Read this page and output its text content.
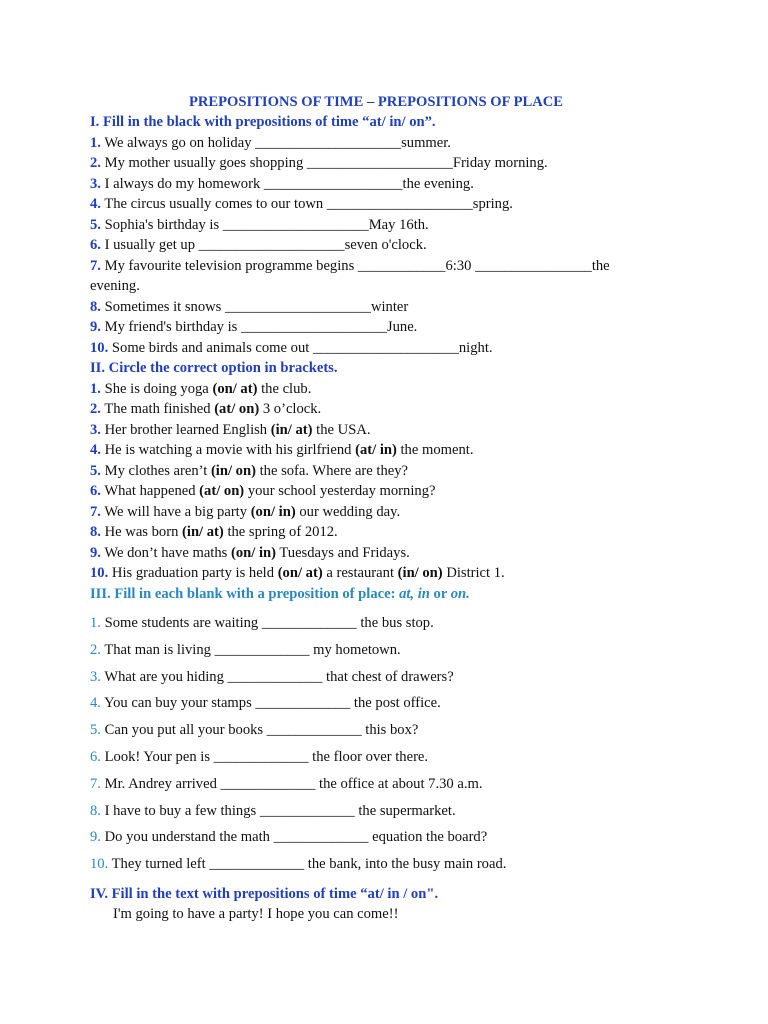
PREPOSITIONS OF TIME – PREPOSITIONS OF PLACE
I. Fill in the black with prepositions of time “at/ in/ on”.
1. We always go on holiday ____________________summer.
2. My mother usually goes shopping ____________________Friday morning.
3. I always do my homework ___________________the evening.
4. The circus usually comes to our town ____________________spring.
5. Sophia's birthday is ____________________May 16th.
6. I usually get up ____________________seven o'clock.
7. My favourite television programme begins ____________6:30 ________________the evening.
8. Sometimes it snows ____________________winter
9. My friend's birthday is ____________________June.
10. Some birds and animals come out ____________________night.
II. Circle the correct option in brackets.
1. She is doing yoga (on/ at) the club.
2. The math finished (at/ on) 3 o’clock.
3. Her brother learned English (in/ at) the USA.
4. He is watching a movie with his girlfriend (at/ in) the moment.
5. My clothes aren’t (in/ on) the sofa. Where are they?
6. What happened (at/ on) your school yesterday morning?
7. We will have a big party (on/ in) our wedding day.
8. He was born (in/ at) the spring of 2012.
9. We don’t have maths (on/ in) Tuesdays and Fridays.
10. His graduation party is held (on/ at) a restaurant (in/ on) District 1.
III. Fill in each blank with a preposition of place: at, in or on.
1. Some students are waiting _____________ the bus stop.
2. That man is living _____________ my hometown.
3. What are you hiding _____________ that chest of drawers?
4. You can buy your stamps _____________ the post office.
5. Can you put all your books _____________ this box?
6. Look! Your pen is _____________ the floor over there.
7. Mr. Andrey arrived _____________ the office at about 7.30 a.m.
8. I have to buy a few things _____________ the supermarket.
9. Do you understand the math _____________ equation the board?
10. They turned left _____________ the bank, into the busy main road.
IV. Fill in the text with prepositions of time “at/ in / on".
I'm going to have a party! I hope you can come!!
